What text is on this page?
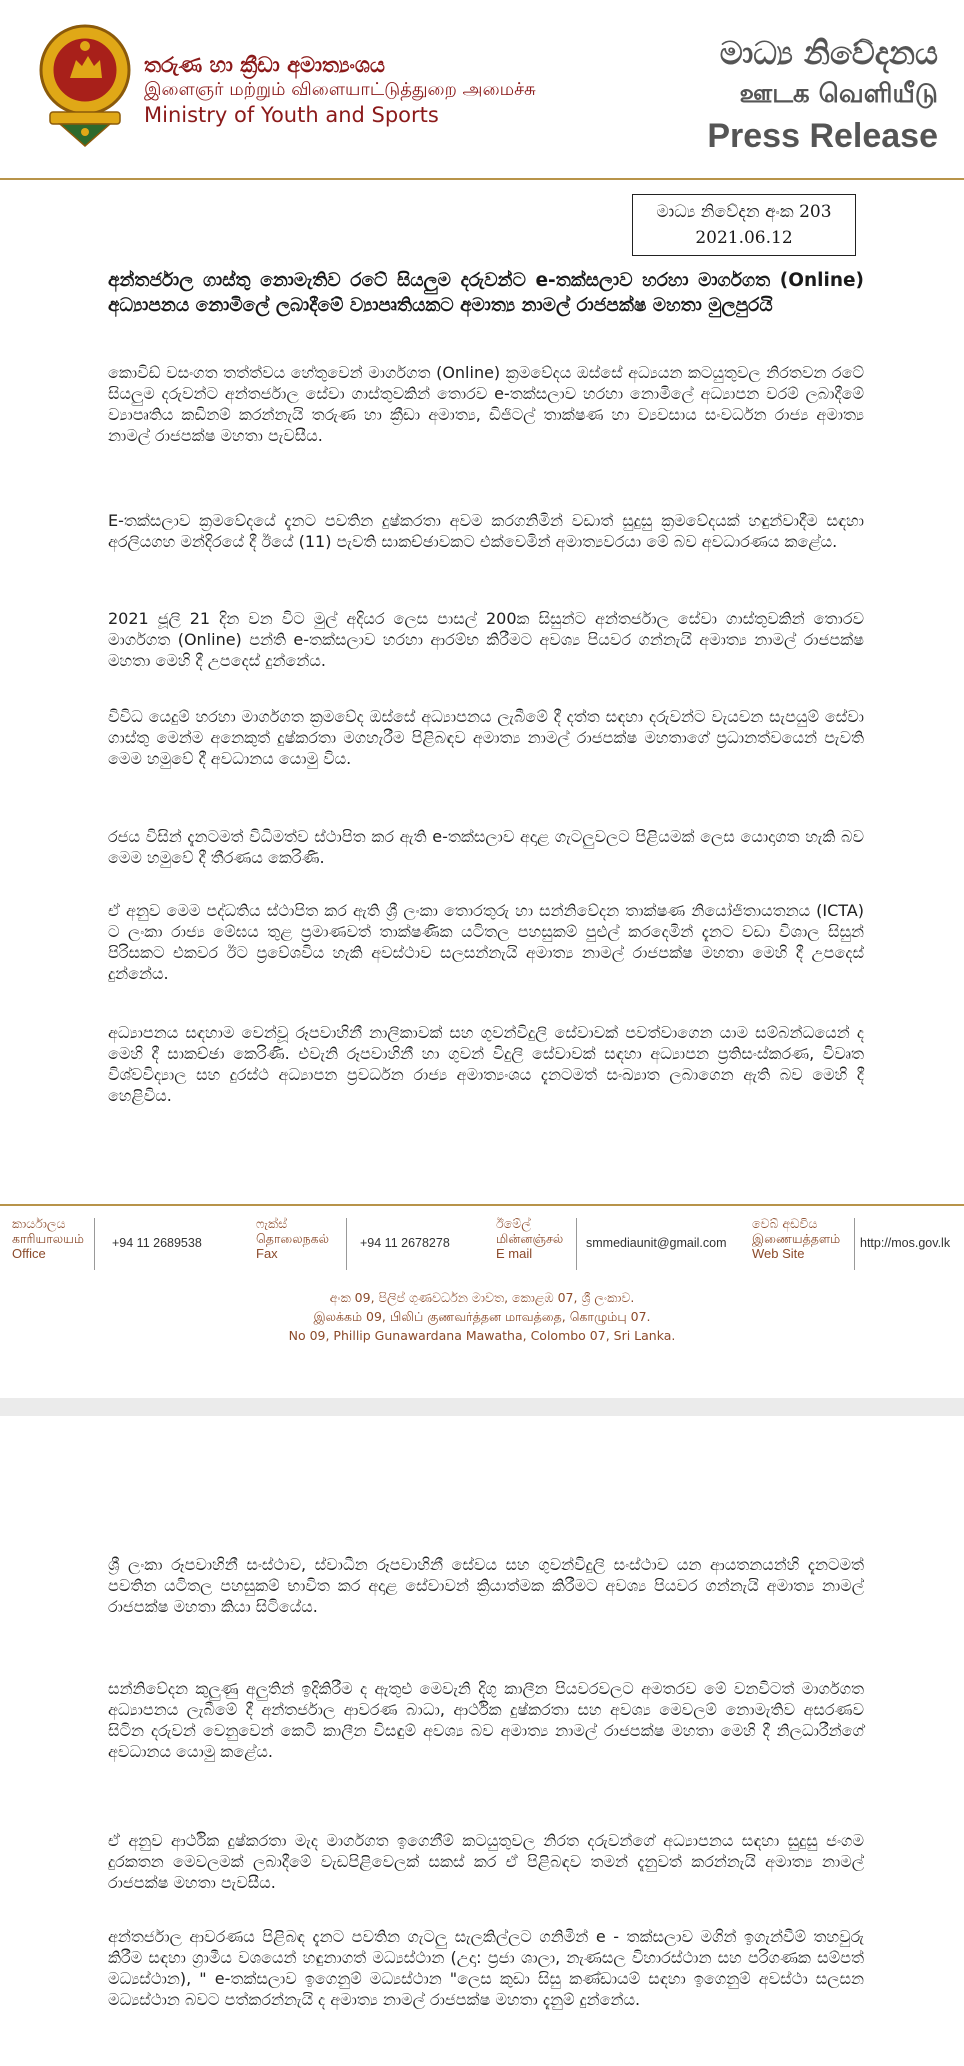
තරුණ හා ක්‍රීඩා අමාත්‍යංශය
இளைஞர் மற்றும் விளையாட்டுத்துறை அமைச்சு
Ministry of Youth and Sports
මාධ්‍ය නිවේදනය
ஊடக வெளியீடு
Press Release
මාධ්‍ය නිවේදන අංක 203
2021.06.12
අන්තර්ජාල ගාස්තු නොමැතිව රටේ සියලුම දරුවන්ට e-තක්සලාව හරහා මාර්ගගත (Online) අධ්‍යාපනය නොමිලේ ලබාදීමේ ව්‍යාපෘතියකට අමාත්‍ය නාමල් රාජපක්ෂ මහතා මුලපුරයි
කොවිඩ් වසංගත තත්ත්වය හේතුවෙන් මාර්ගගත (Online) ක්‍රමවේදය ඔස්සේ අධ්‍යයන කටයුතුවල නිරතවන රටේ සියලුම දරුවන්ට අන්තර්ජාල සේවා ගාස්තුවකින් තොරව e-තක්සලාව හරහා නොමිලේ අධ්‍යාපන වරම් ලබාදීමේ ව්‍යාපෘතිය කඩිනම් කරන්නැයි තරුණ හා ක්‍රීඩා අමාත්‍ය, ඩිජිටල් තාක්ෂණ හා ව්‍යවසාය සංවර්ධන රාජ්‍ය අමාත්‍ය නාමල් රාජපක්ෂ මහතා පැවසීය.
E-තක්සලාව ක්‍රමවේදයේ දැනට පවතින දුෂ්කරතා අවම කරගනිමින් වඩාත් සුදුසු ක්‍රමවේදයක් හඳුන්වාදීම සඳහා අරලියගහ මන්දිරයේ දී ඊයේ (11) පැවති සාකච්ඡාවකට එක්වෙමින් අමාත්‍යවරයා මේ බව අවධාරණය කළේය.
2021 ජූලි 21 දින වන විට මුල් අදියර ලෙස පාසල් 200ක සිසුන්ට අන්තර්ජාල සේවා ගාස්තුවකින් තොරව මාර්ගගත (Online) පන්ති e-තක්සලාව හරහා ආරම්භ කිරීමට අවශ්‍ය පියවර ගන්නැයි අමාත්‍ය නාමල් රාජපක්ෂ මහතා මෙහි දී උපදෙස් දුන්නේය.
විවිධ යෙදුම් හරහා මාර්ගගත ක්‍රමවේද ඔස්සේ අධ්‍යාපනය ලැබීමේ දී දත්ත සඳහා දරුවන්ට වැයවන සැපයුම් සේවා ගාස්තු මෙන්ම අනෙකුත් දුෂ්කරතා මගහැරීම පිළිබඳව අමාත්‍ය නාමල් රාජපක්ෂ මහතාගේ ප්‍රධානත්වයෙන් පැවති මෙම හමුවේ දී අවධානය යොමු විය.
රජය විසින් දැනටමත් විධිමත්ව ස්ථාපිත කර ඇති e-තක්සලාව අදාළ ගැටලුවලට පිළියමක් ලෙස යොදාගත හැකි බව මෙම හමුවේ දී තීරණය කෙරිණි.
ඒ අනුව මෙම පද්ධතිය ස්ථාපිත කර ඇති ශ්‍රී ලංකා තොරතුරු හා සන්නිවේදන තාක්ෂණ නියෝජිතායතනය (ICTA) ට ලංකා රාජ්‍ය මේඝය තුළ ප්‍රමාණවත් තාක්ෂණික යටිතල පහසුකම් පුළුල් කරදෙමින් දැනට වඩා විශාල සිසුන් පිරිසකට එකවර ඊට ප්‍රවේශවිය හැකි අවස්ථාව සලසන්නැයි අමාත්‍ය නාමල් රාජපක්ෂ මහතා මෙහි දී උපදෙස් දුන්නේය.
අධ්‍යාපනය සඳහාම වෙන්වූ රූපවාහිනී නාලිකාවක් සහ ගුවන්විදුලි සේවාවක් පවත්වාගෙන යාම සම්බන්ධයෙන් ද මෙහි දී සාකච්ඡා කෙරිණි. එවැනි රූපවාහිනී හා ගුවන් විදුලි සේවාවක් සඳහා අධ්‍යාපන ප්‍රතිසංස්කරණ, විවෘත විශ්වවිද්‍යාල සහ දුරස්ථ අධ්‍යාපන ප්‍රවර්ධන රාජ්‍ය අමාත්‍යංශය දැනටමත් සංඛ්‍යාත ලබාගෙන ඇති බව මෙහි දී හෙළිවිය.
කාර්යාලය
காரியாலயம்
Office
+94 11 2689538
ෆැක්ස්
தொலைநகல்
Fax
+94 11 2678278
ඊමේල්
மின்னஞ்சல்
E mail
smmediaunit@gmail.com
වෙබ් අඩවිය
இணையத்தளம்
Web Site
http://mos.gov.lk
අංක 09, පිලිප් ගුණවර්ධන මාවත, කොළඹ 07, ශ්‍රී ලංකාව.
இலக்கம் 09, பிலிப் குணவர்த்தன மாவத்தை, கொழும்பு 07.
No 09, Phillip Gunawardana Mawatha, Colombo 07, Sri Lanka.
ශ්‍රී ලංකා රූපවාහිනී සංස්ථාව, ස්වාධීන රූපවාහිනී සේවය සහ ගුවන්විදුලි සංස්ථාව යන ආයතනයන්හි දැනටමත් පවතින යටිතල පහසුකම් භාවිත කර අදාළ සේවාවන් ක්‍රියාත්මක කිරීමට අවශ්‍ය පියවර ගන්නැයි අමාත්‍ය නාමල් රාජපක්ෂ මහතා කියා සිටියේය.
සන්නිවේදන කුලුණු අලුතින් ඉදිකිරීම ද ඇතුළු මෙවැනි දිගු කාලීන පියවරවලට අමතරව මේ වනවිටත් මාර්ගගත අධ්‍යාපනය ලැබීමේ දී අන්තර්ජාල ආවරණ බාධා, ආර්ථික දුෂ්කරතා සහ අවශ්‍ය මෙවලම් නොමැතිව අසරණව සිටින දරුවන් වෙනුවෙන් කෙටි කාලීන විසඳුම් අවශ්‍ය බව අමාත්‍ය නාමල් රාජපක්ෂ මහතා මෙහි දී නිලධාරීන්ගේ අවධානය යොමු කළේය.
ඒ අනුව ආර්ථික දුෂ්කරතා මැද මාර්ගගත ඉගෙනීම් කටයුතුවල නිරත දරුවන්ගේ අධ්‍යාපනය සඳහා සුදුසු ජංගම දුරකතන මෙවලමක් ලබාදීමේ වැඩපිළිවෙලක් සකස් කර ඒ පිළිබඳව තමන් දැනුවත් කරන්නැයි අමාත්‍ය නාමල් රාජපක්ෂ මහතා පැවසීය.
අන්තර්ජාල ආවරණය පිළිබඳ දැනට පවතින ගැටලු සැලකිල්ලට ගනිමින් e - තක්සලාව මගින් ඉගැන්වීම් තහවුරු කිරීම සඳහා ග්‍රාමීය වශයෙන් හඳුනාගත් මධ්‍යස්ථාන (උදා: ප්‍රජා ශාලා, නැණසල විහාරස්ථාන සහ පරිගණක සම්පත් මධ්‍යස්ථාන), " e-තක්සලාව ඉගෙනුම් මධ්‍යස්ථාන "ලෙස කුඩා සිසු කණ්ඩායම් සඳහා ඉගෙනුම් අවස්ථා සලසන මධ්‍යස්ථාන බවට පත්කරන්නැයි ද අමාත්‍ය නාමල් රාජපක්ෂ මහතා දැනුම් දුන්නේය.
